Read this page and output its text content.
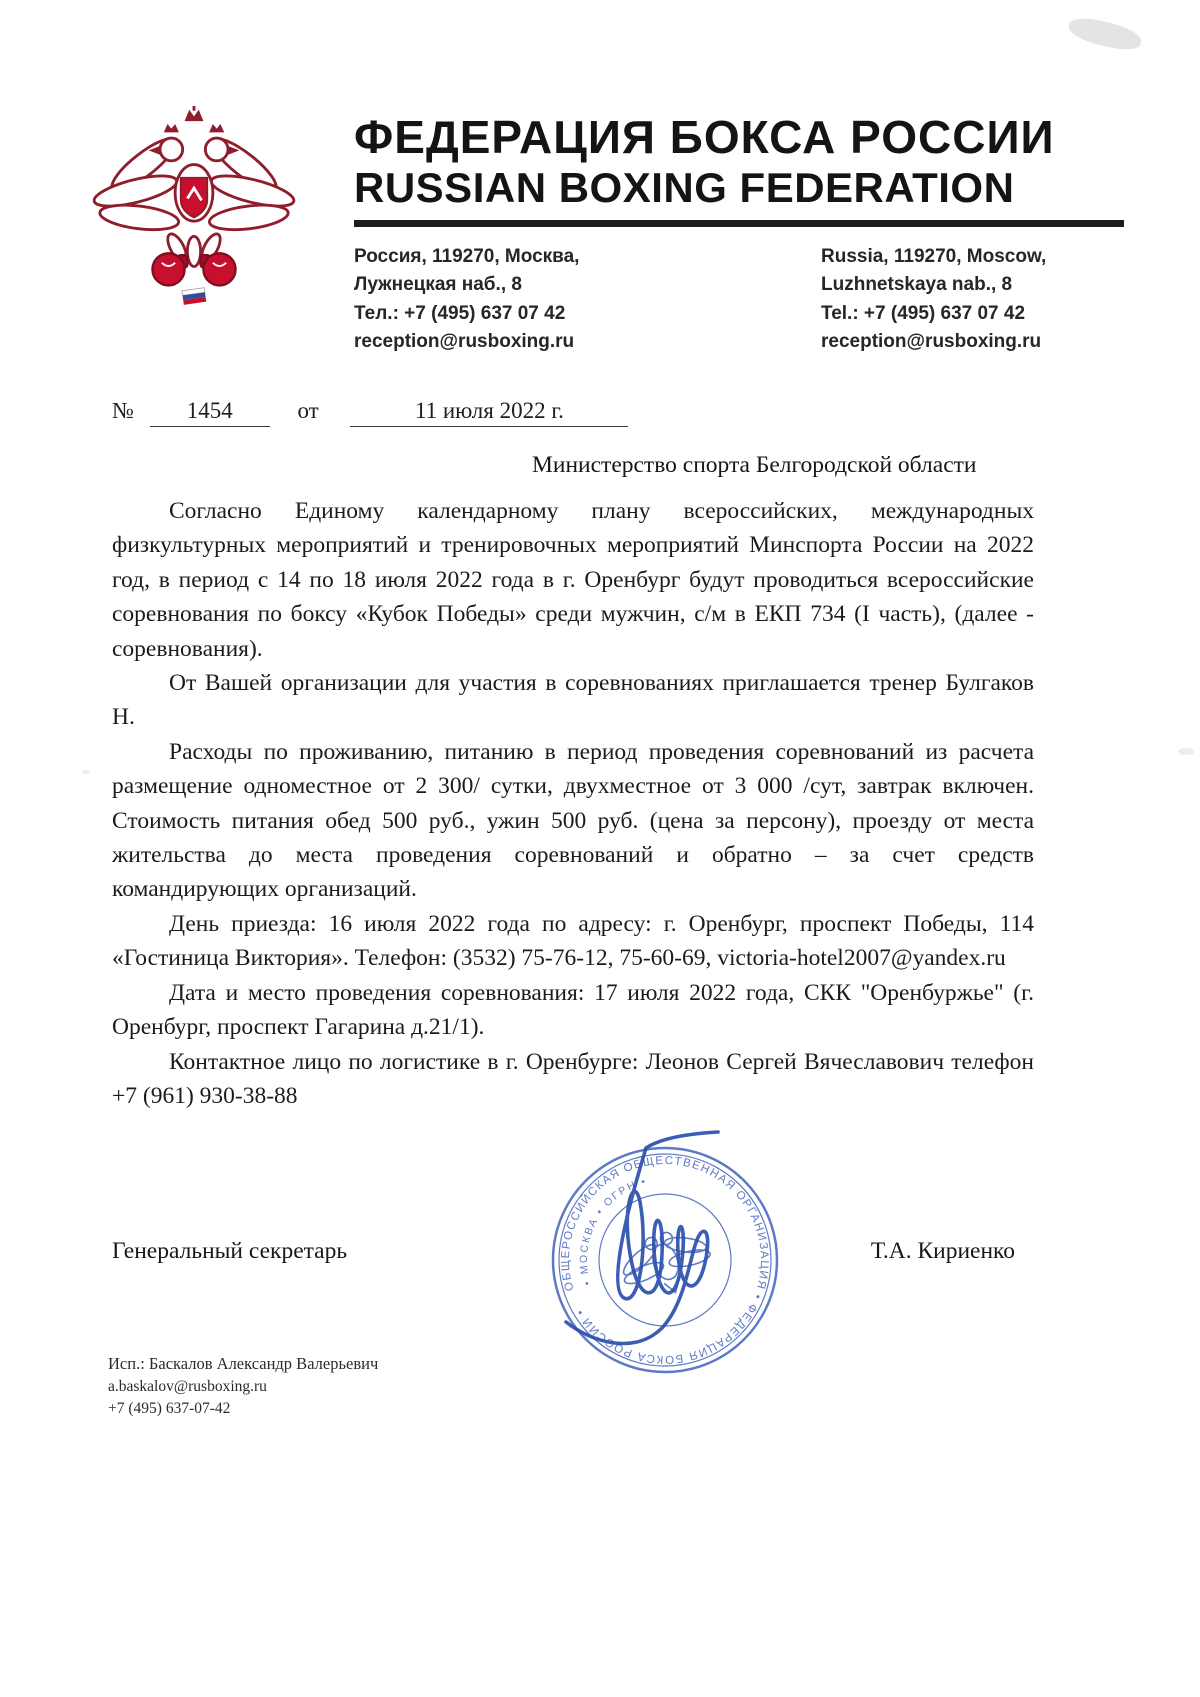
ФЕДЕРАЦИЯ БОКСА РОССИИ
RUSSIAN BOXING FEDERATION
Россия, 119270, Москва,
Лужнецкая наб., 8
Тел.: +7 (495) 637 07 42
reception@rusboxing.ru
Russia, 119270, Moscow,
Luzhnetskaya nab., 8
Tel.: +7 (495) 637 07 42
reception@rusboxing.ru
№ 1454	от	11 июля 2022 г.
Министерство спорта Белгородской области

Согласно Единому календарному плану всероссийских, международных физкультурных мероприятий и тренировочных мероприятий Минспорта России на 2022 год, в период с 14 по 18 июля 2022 года в г. Оренбург будут проводиться всероссийские соревнования по боксу «Кубок Победы» среди мужчин, с/м в ЕКП 734 (I часть), (далее - соревнования).

От Вашей организации для участия в соревнованиях приглашается тренер Булгаков Н.

Расходы по проживанию, питанию в период проведения соревнований из расчета размещение одноместное от 2 300/ сутки, двухместное от 3 000 /сут, завтрак включен. Стоимость питания обед 500 руб., ужин 500 руб. (цена за персону), проезду от места жительства до места проведения соревнований и обратно – за счет средств командирующих организаций.

День приезда: 16 июля 2022 года по адресу: г. Оренбург, проспект Победы, 114 «Гостиница Виктория». Телефон: (3532) 75-76-12, 75-60-69, victoria-hotel2007@yandex.ru

Дата и место проведения соревнования: 17 июля 2022 года, СКК "Оренбуржье" (г. Оренбург, проспект Гагарина д.21/1).

Контактное лицо по логистике в г. Оренбурге: Леонов Сергей Вячеславович телефон +7 (961) 930-38-88

ОБЩЕРОССИЙСКАЯ ОБЩЕСТВЕННАЯ ОРГАНИЗАЦИЯ • ФЕДЕРАЦИЯ БОКСА РОССИИ •
• МОСКВА • ОГРН •
Генеральный секретарь	Т.А. Кириенко
Исп.: Баскалов Александр Валерьевич
a.baskalov@rusboxing.ru
+7 (495) 637-07-42
